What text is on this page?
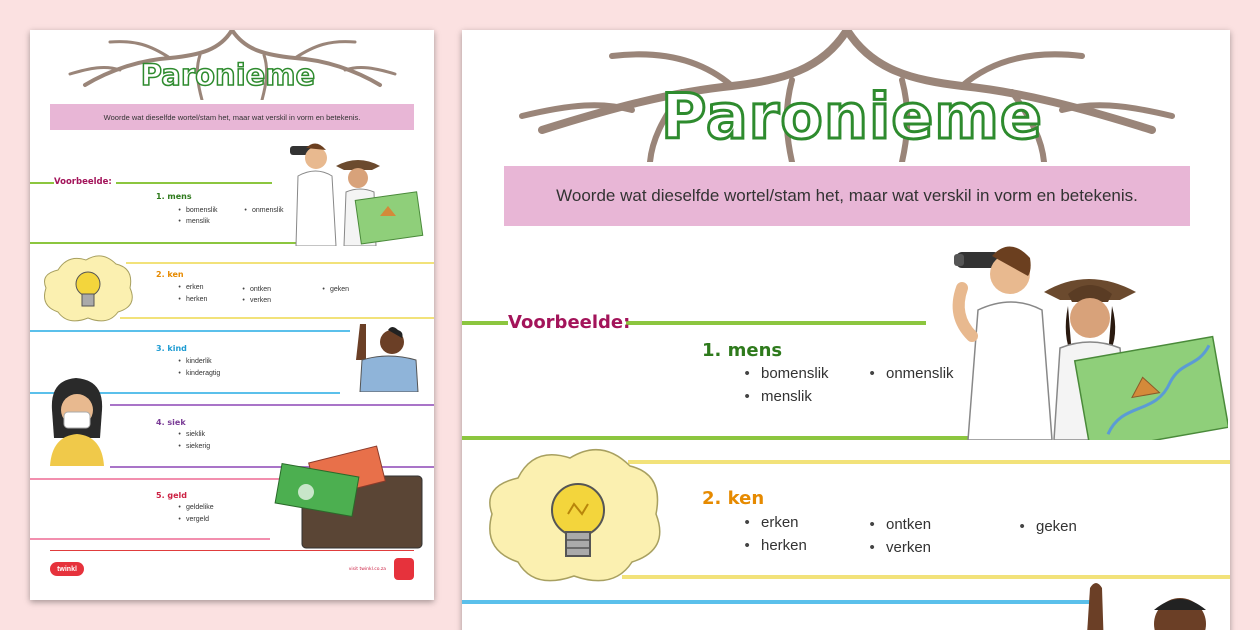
Paronieme
Woorde wat dieselfde wortel/stam het, maar wat verskil in vorm en betekenis.
Voorbeelde:
1. mens
• bomenslik	• onmenslik
• menslik
2. ken
• erken	• ontken	• geken
• herken	• verken
3. kind
• kinderlik
• kinderagtig
4. siek
• sieklik
• siekerig
5. geld
• geldelike
• vergeld
twinkl	visit twinkl.co.za
Paronieme
Woorde wat dieselfde wortel/stam het, maar wat verskil in vorm en betekenis.
Voorbeelde:
1. mens
• bomenslik	• onmenslik
• menslik
2. ken
• erken	• ontken	• geken
• herken	• verken
